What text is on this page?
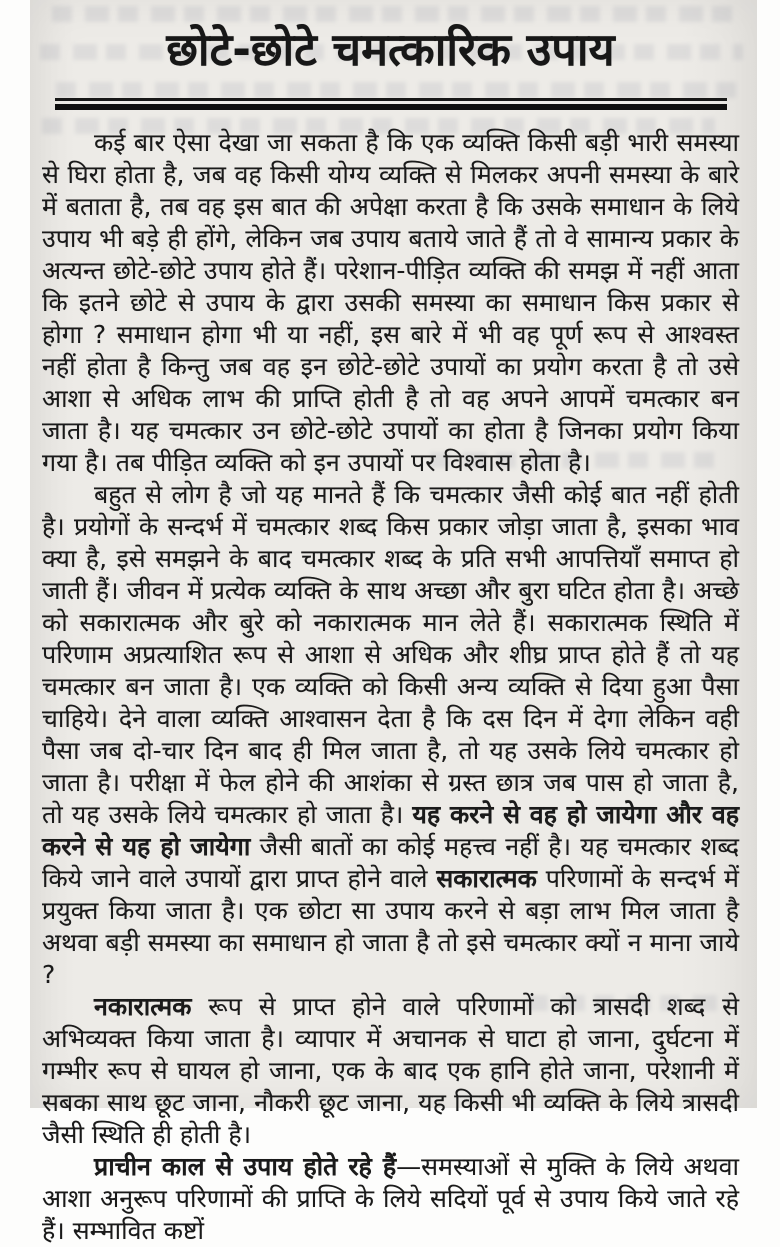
छोटे-छोटे चमत्कारिक उपाय

कई बार ऐसा देखा जा सकता है कि एक व्यक्ति किसी बड़ी भारी समस्या से घिरा होता है, जब वह किसी योग्य व्यक्ति से मिलकर अपनी समस्या के बारे में बताता है, तब वह इस बात की अपेक्षा करता है कि उसके समाधान के लिये उपाय भी बड़े ही होंगे, लेकिन जब उपाय बताये जाते हैं तो वे सामान्य प्रकार के अत्यन्त छोटे-छोटे उपाय होते हैं। परेशान-पीड़ित व्यक्ति की समझ में नहीं आता कि इतने छोटे से उपाय के द्वारा उसकी समस्या का समाधान किस प्रकार से होगा ? समाधान होगा भी या नहीं, इस बारे में भी वह पूर्ण रूप से आश्वस्त नहीं होता है किन्तु जब वह इन छोटे-छोटे उपायों का प्रयोग करता है तो उसे आशा से अधिक लाभ की प्राप्ति होती है तो वह अपने आपमें चमत्कार बन जाता है। यह चमत्कार उन छोटे-छोटे उपायों का होता है जिनका प्रयोग किया गया है। तब पीड़ित व्यक्ति को इन उपायों पर विश्वास होता है।

बहुत से लोग है जो यह मानते हैं कि चमत्कार जैसी कोई बात नहीं होती है। प्रयोगों के सन्दर्भ में चमत्कार शब्द किस प्रकार जोड़ा जाता है, इसका भाव क्या है, इसे समझने के बाद चमत्कार शब्द के प्रति सभी आपत्तियाँ समाप्त हो जाती हैं। जीवन में प्रत्येक व्यक्ति के साथ अच्छा और बुरा घटित होता है। अच्छे को सकारात्मक और बुरे को नकारात्मक मान लेते हैं। सकारात्मक स्थिति में परिणाम अप्रत्याशित रूप से आशा से अधिक और शीघ्र प्राप्त होते हैं तो यह चमत्कार बन जाता है। एक व्यक्ति को किसी अन्य व्यक्ति से दिया हुआ पैसा चाहिये। देने वाला व्यक्ति आश्वासन देता है कि दस दिन में देगा लेकिन वही पैसा जब दो-चार दिन बाद ही मिल जाता है, तो यह उसके लिये चमत्कार हो जाता है। परीक्षा में फेल होने की आशंका से ग्रस्त छात्र जब पास हो जाता है, तो यह उसके लिये चमत्कार हो जाता है। यह करने से वह हो जायेगा और वह करने से यह हो जायेगा जैसी बातों का कोई महत्त्व नहीं है। यह चमत्कार शब्द किये जाने वाले उपायों द्वारा प्राप्त होने वाले सकारात्मक परिणामों के सन्दर्भ में प्रयुक्त किया जाता है। एक छोटा सा उपाय करने से बड़ा लाभ मिल जाता है अथवा बड़ी समस्या का समाधान हो जाता है तो इसे चमत्कार क्यों न माना जाये ?

नकारात्मक रूप से प्राप्त होने वाले परिणामों को त्रासदी शब्द से अभिव्यक्त किया जाता है। व्यापार में अचानक से घाटा हो जाना, दुर्घटना में गम्भीर रूप से घायल हो जाना, एक के बाद एक हानि होते जाना, परेशानी में सबका साथ छूट जाना, नौकरी छूट जाना, यह किसी भी व्यक्ति के लिये त्रासदी जैसी स्थिति ही होती है।

प्राचीन काल से उपाय होते रहे हैं—समस्याओं से मुक्ति के लिये अथवा आशा अनुरूप परिणामों की प्राप्ति के लिये सदियों पूर्व से उपाय किये जाते रहे हैं। सम्भावित कष्टों
